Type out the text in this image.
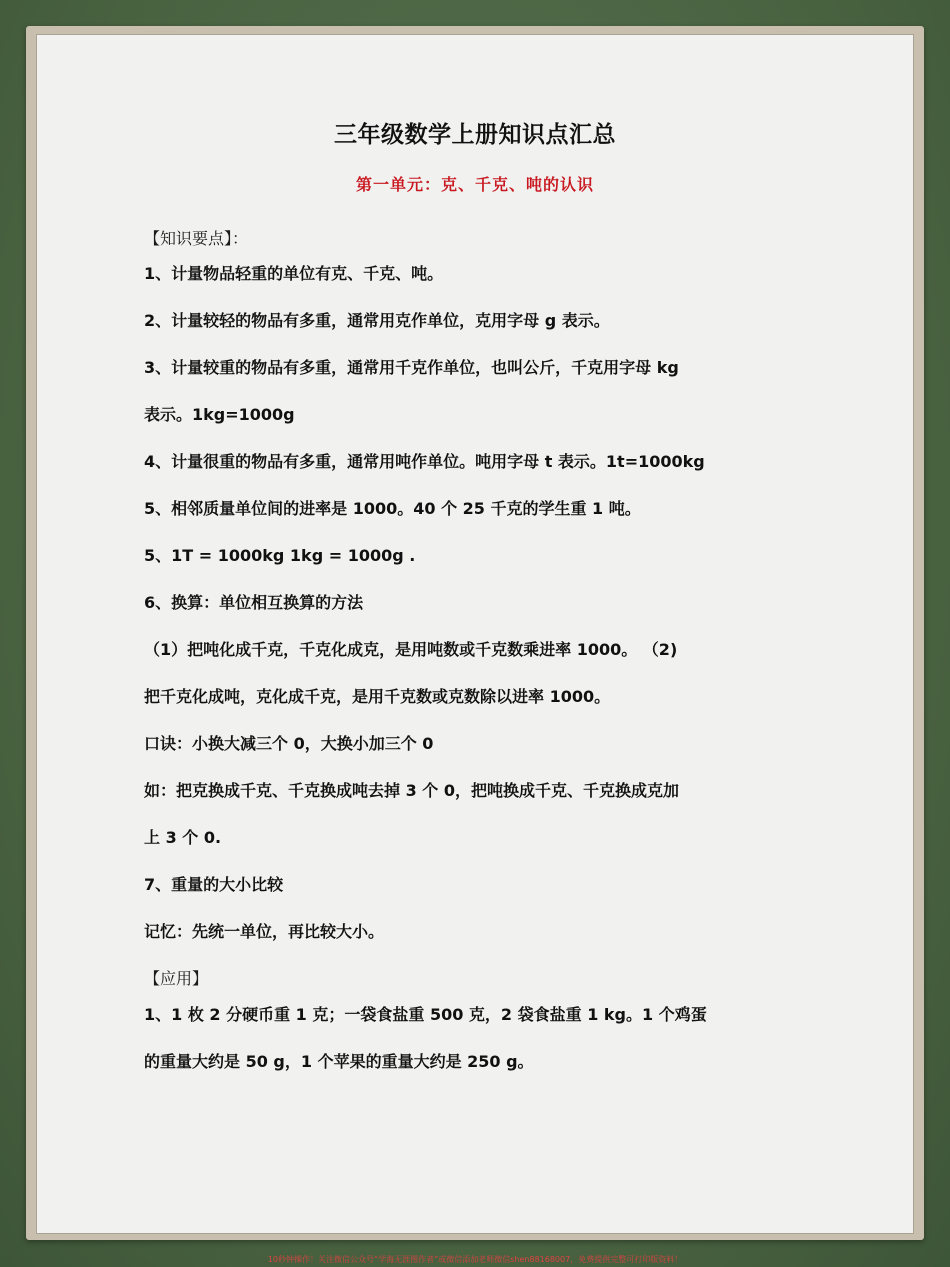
三年级数学上册知识点汇总
第一单元：克、千克、吨的认识
【知识要点】：
1、计量物品轻重的单位有克、千克、吨。
2、计量较轻的物品有多重，通常用克作单位，克用字母 g 表示。
3、计量较重的物品有多重，通常用千克作单位，也叫公斤，千克用字母 kg
表示。1kg=1000g
4、计量很重的物品有多重，通常用吨作单位。吨用字母 t 表示。1t=1000kg
5、相邻质量单位间的进率是 1000。40 个 25 千克的学生重 1 吨。
5、1T = 1000kg 1kg = 1000g .
6、换算：单位相互换算的方法
（1）把吨化成千克，千克化成克，是用吨数或千克数乘进率 1000。 （2)
把千克化成吨，克化成千克，是用千克数或克数除以进率 1000。
口诀：小换大减三个 0，大换小加三个 0
如：把克换成千克、千克换成吨去掉 3 个 0，把吨换成千克、千克换成克加
上 3 个 0.
7、重量的大小比较
记忆：先统一单位，再比较大小。
【应用】
1、1 枚 2 分硬币重 1 克；一袋食盐重 500 克，2 袋食盐重 1 kg。1 个鸡蛋
的重量大约是 50 g，1 个苹果的重量大约是 250 g。
10秒钟操作！关注微信公众号“学海无涯图作者”或微信添加老师微信shen88168007，免费提供完整可打印版资料！
